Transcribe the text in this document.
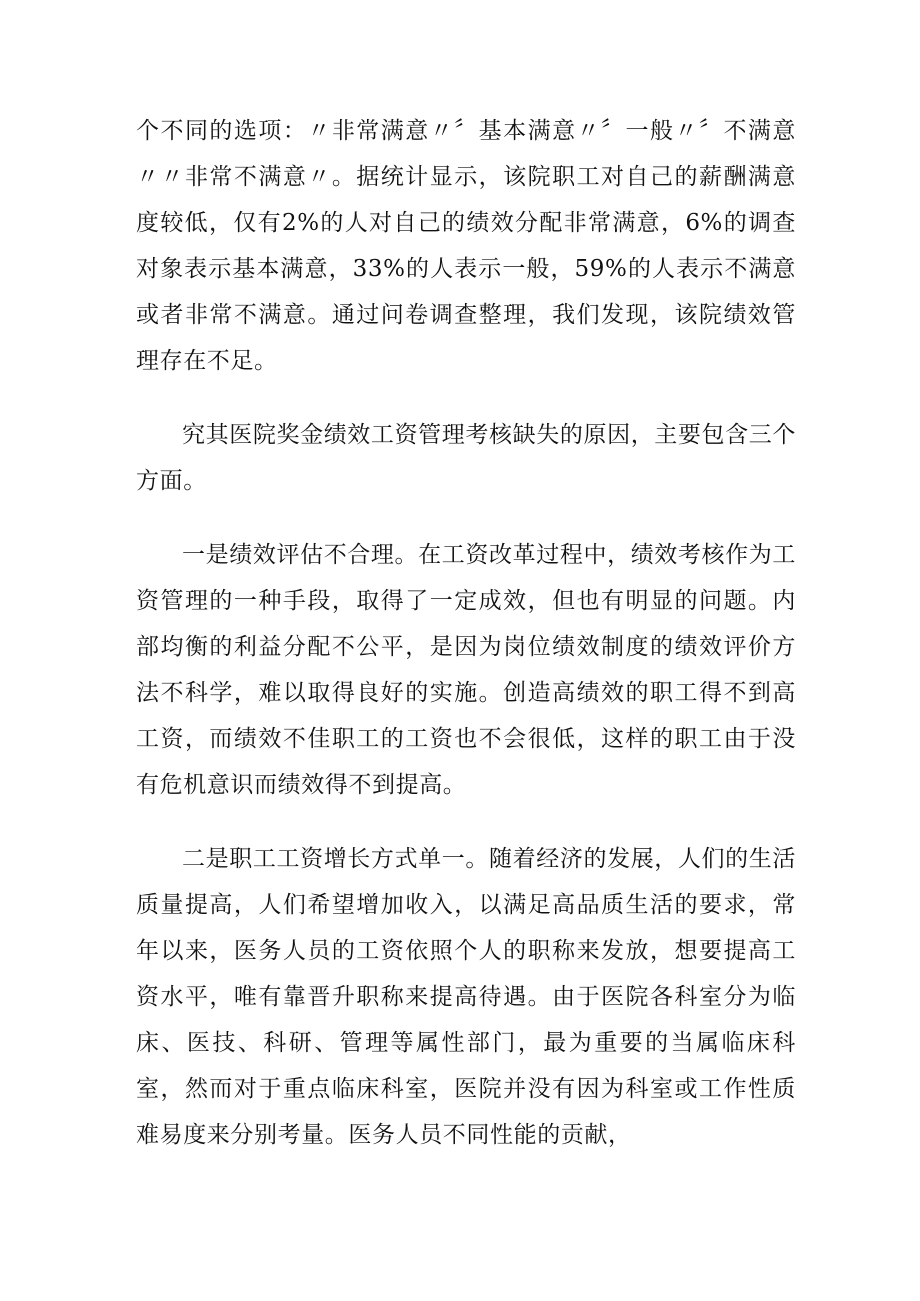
个不同的选项：〃非常满意〃〞基本满意〃〞一般〃〞不满意〃〃非常不满意〃。据统计显示，该院职工对自己的薪酬满意度较低，仅有2%的人对自己的绩效分配非常满意，6%的调查对象表示基本满意，33%的人表示一般，59%的人表示不满意或者非常不满意。通过问卷调查整理，我们发现，该院绩效管理存在不足。

究其医院奖金绩效工资管理考核缺失的原因，主要包含三个方面。

一是绩效评估不合理。在工资改革过程中，绩效考核作为工资管理的一种手段，取得了一定成效，但也有明显的问题。内部均衡的利益分配不公平，是因为岗位绩效制度的绩效评价方法不科学，难以取得良好的实施。创造高绩效的职工得不到高工资，而绩效不佳职工的工资也不会很低，这样的职工由于没有危机意识而绩效得不到提高。

二是职工工资增长方式单一。随着经济的发展，人们的生活质量提高，人们希望增加收入，以满足高品质生活的要求，常年以来，医务人员的工资依照个人的职称来发放，想要提高工资水平，唯有靠晋升职称来提高待遇。由于医院各科室分为临床、医技、科研、管理等属性部门，最为重要的当属临床科室，然而对于重点临床科室，医院并没有因为科室或工作性质难易度来分别考量。医务人员不同性能的贡献，
